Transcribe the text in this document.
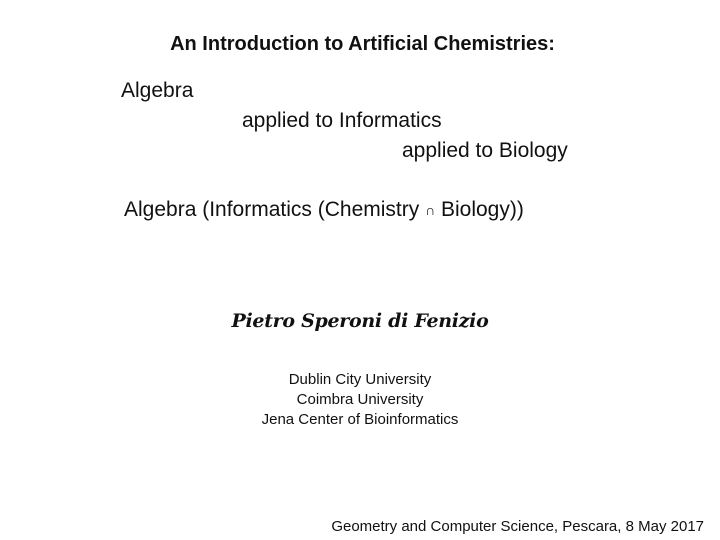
An Introduction to Artificial Chemistries:
Algebra
applied to Informatics
applied to Biology
Algebra (Informatics (Chemistry ∩ Biology))
Pietro Speroni di Fenizio
Dublin City University
Coimbra University
Jena Center of Bioinformatics
Geometry and Computer Science, Pescara, 8 May 2017
